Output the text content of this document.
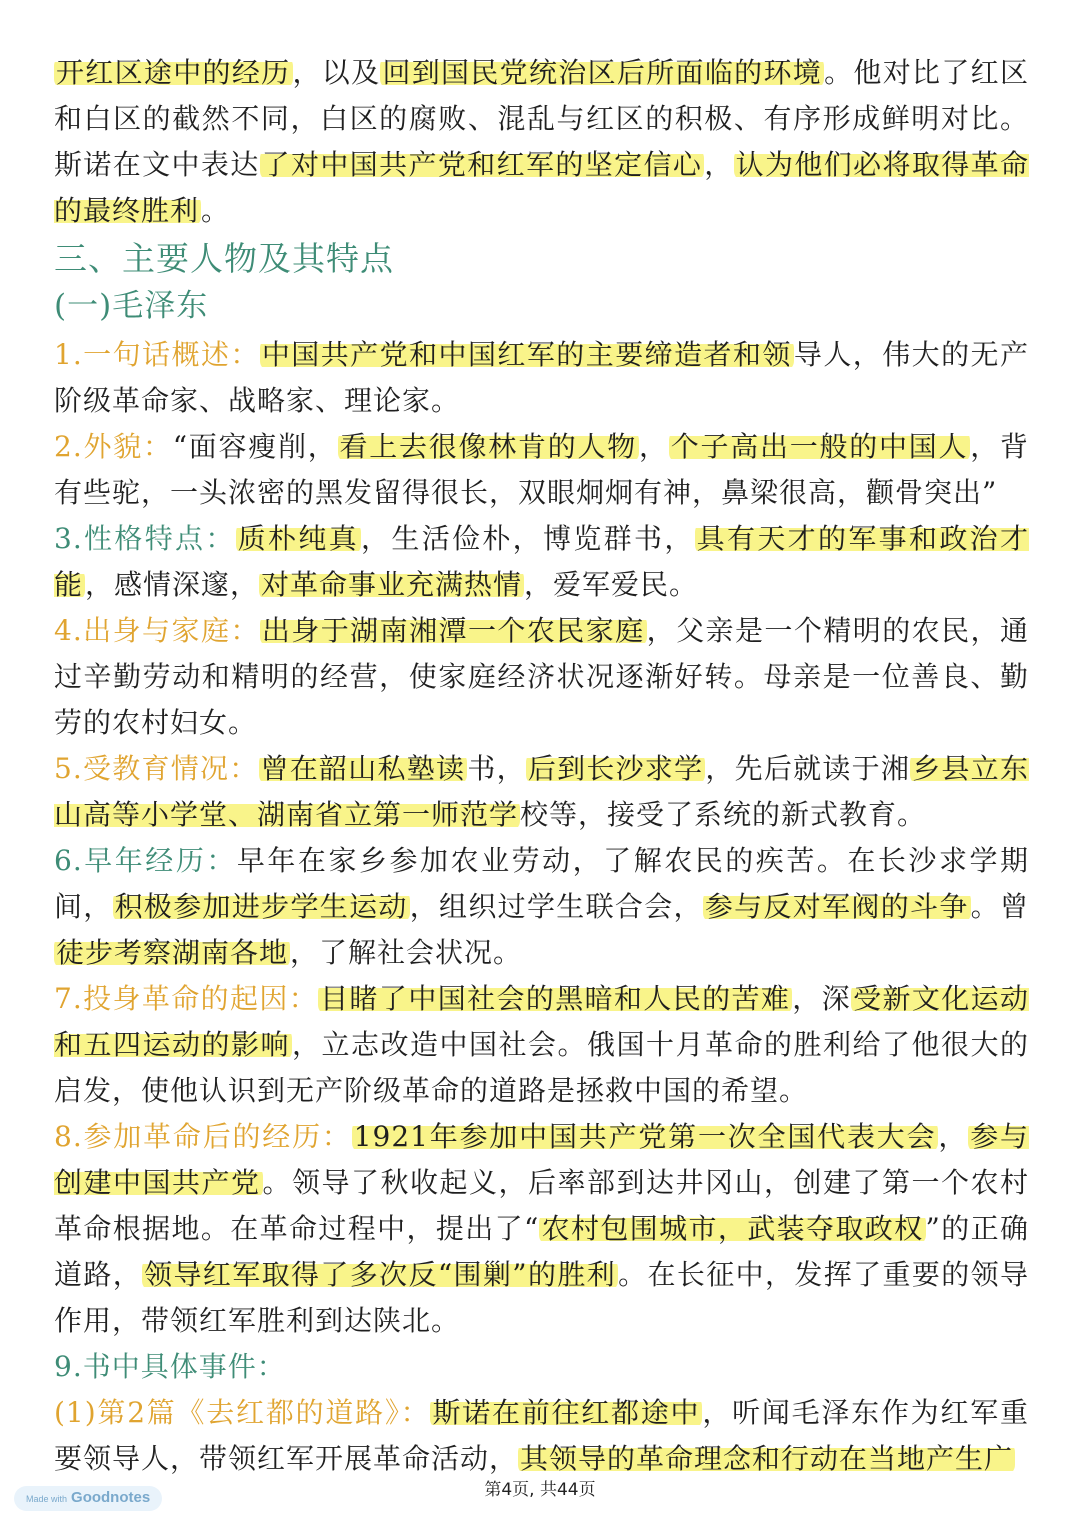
开红区途中的经历，以及回到国民党统治区后所面临的环境。他对比了红区和白区的截然不同，白区的腐败、混乱与红区的积极、有序形成鲜明对比。斯诺在文中表达了对中国共产党和红军的坚定信心，认为他们必将取得革命的最终胜利。

三、主要人物及其特点
(一)毛泽东

1.一句话概述：中国共产党和中国红军的主要缔造者和领导人，伟大的无产阶级革命家、战略家、理论家。

2.外貌：“面容瘦削，看上去很像林肯的人物，个子高出一般的中国人，背有些驼，一头浓密的黑发留得很长，双眼炯炯有神，鼻梁很高，颧骨突出”

3.性格特点：质朴纯真，生活俭朴，博览群书，具有天才的军事和政治才能，感情深邃，对革命事业充满热情，爱军爱民。

4.出身与家庭：出身于湖南湘潭一个农民家庭，父亲是一个精明的农民，通过辛勤劳动和精明的经营，使家庭经济状况逐渐好转。母亲是一位善良、勤劳的农村妇女。

5.受教育情况：曾在韶山私塾读书，后到长沙求学，先后就读于湘乡县立东山高等小学堂、湖南省立第一师范学校等，接受了系统的新式教育。

6.早年经历：早年在家乡参加农业劳动，了解农民的疾苦。在长沙求学期间，积极参加进步学生运动，组织过学生联合会，参与反对军阀的斗争。曾徒步考察湖南各地，了解社会状况。

7.投身革命的起因：目睹了中国社会的黑暗和人民的苦难，深受新文化运动和五四运动的影响，立志改造中国社会。俄国十月革命的胜利给了他很大的启发，使他认识到无产阶级革命的道路是拯救中国的希望。

8.参加革命后的经历：1921年参加中国共产党第一次全国代表大会，参与创建中国共产党。领导了秋收起义，后率部到达井冈山，创建了第一个农村革命根据地。在革命过程中，提出了“农村包围城市，武装夺取政权”的正确道路，领导红军取得了多次反“围剿”的胜利。在长征中，发挥了重要的领导作用，带领红军胜利到达陕北。

9.书中具体事件：

(1)第2篇《去红都的道路》：斯诺在前往红都途中，听闻毛泽东作为红军重要领导人，带领红军开展革命活动，其领导的革命理念和行动在当地产生广

第4页, 共44页
Made with Goodnotes
